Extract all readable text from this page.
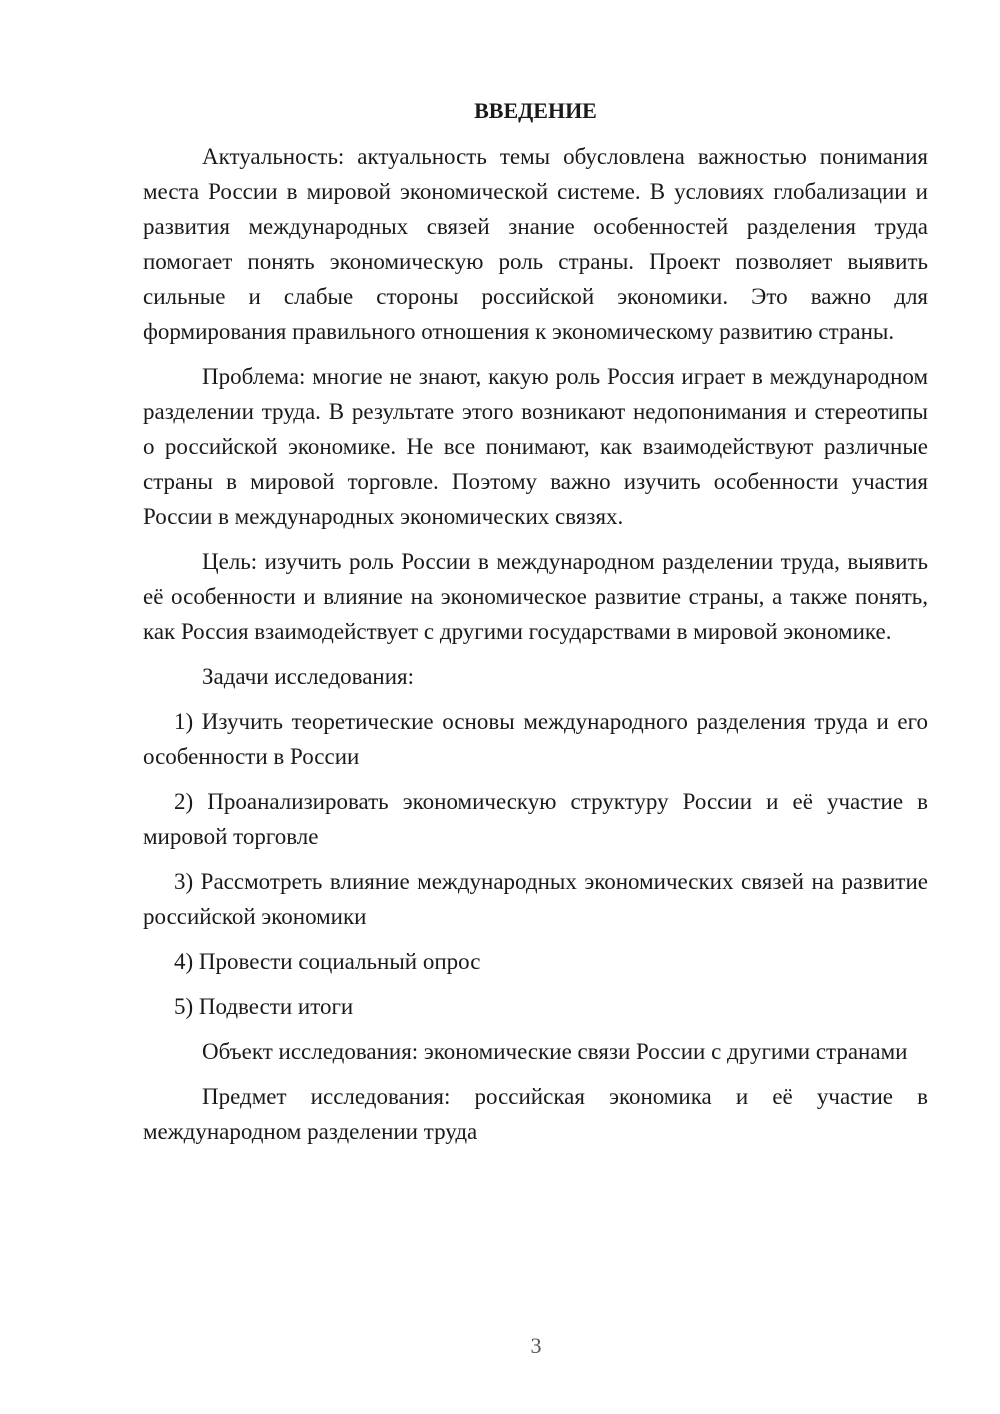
ВВЕДЕНИЕ

Актуальность: актуальность темы обусловлена важностью понимания места России в мировой экономической системе. В условиях глобализации и развития международных связей знание особенностей разделения труда помогает понять экономическую роль страны. Проект позволяет выявить сильные и слабые стороны российской экономики. Это важно для формирования правильного отношения к экономическому развитию страны.

Проблема: многие не знают, какую роль Россия играет в международном разделении труда. В результате этого возникают недопонимания и стереотипы о российской экономике. Не все понимают, как взаимодействуют различные страны в мировой торговле. Поэтому важно изучить особенности участия России в международных экономических связях.

Цель: изучить роль России в международном разделении труда, выявить её особенности и влияние на экономическое развитие страны, а также понять, как Россия взаимодействует с другими государствами в мировой экономике.

Задачи исследования:

1) Изучить теоретические основы международного разделения труда и его особенности в России

2) Проанализировать экономическую структуру России и её участие в мировой торговле

3) Рассмотреть влияние международных экономических связей на развитие российской экономики

4) Провести социальный опрос

5) Подвести итоги

Объект исследования: экономические связи России с другими странами

Предмет исследования: российская экономика и её участие в международном разделении труда

3
